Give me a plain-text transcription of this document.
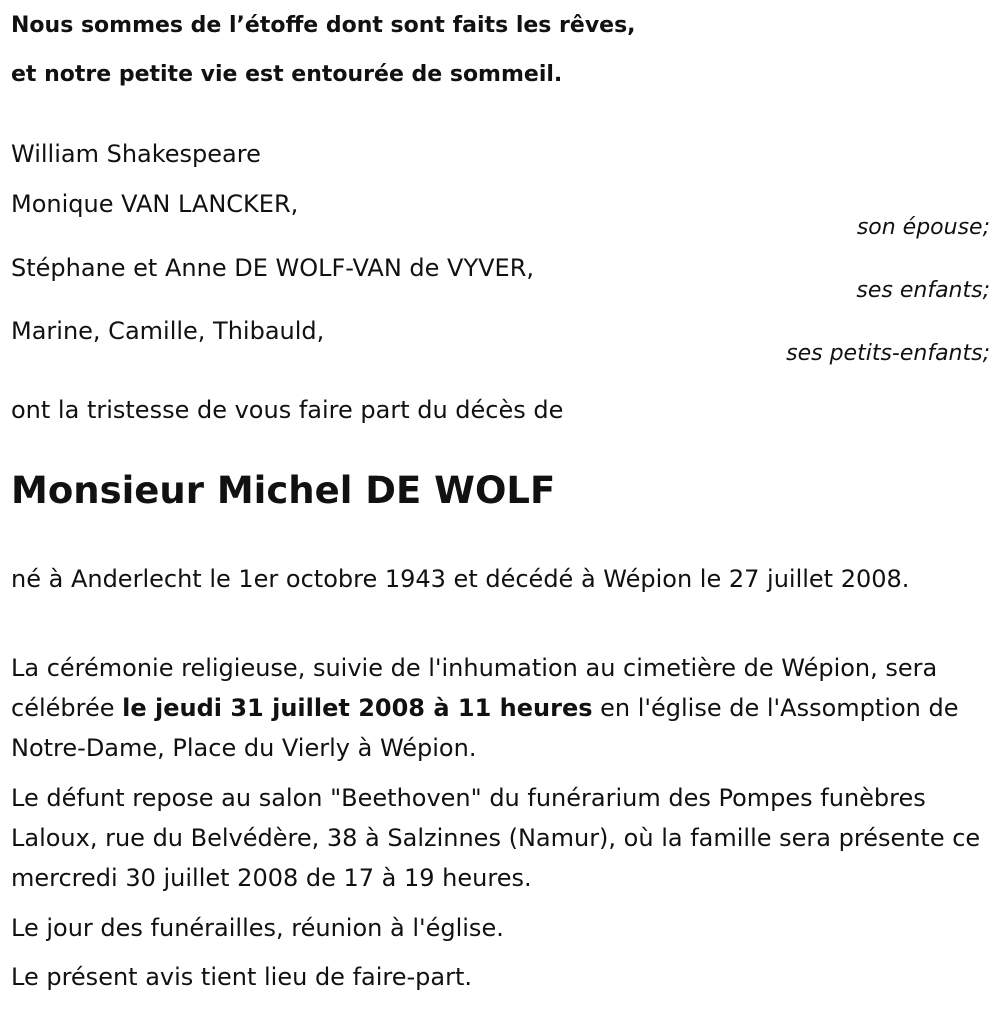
Nous sommes de l’étoffe dont sont faits les rêves,
et notre petite vie est entourée de sommeil.
William Shakespeare
Monique VAN LANCKER,
son épouse;
Stéphane et Anne DE WOLF-VAN de VYVER,
ses enfants;
Marine, Camille, Thibauld,
ses petits-enfants;
ont la tristesse de vous faire part du décès de
Monsieur Michel DE WOLF
né à Anderlecht le 1er octobre 1943 et décédé à Wépion le 27 juillet 2008.
La cérémonie religieuse, suivie de l'inhumation au cimetière de Wépion, sera célébrée le jeudi 31 juillet 2008 à 11 heures en l'église de l'Assomption de Notre-Dame, Place du Vierly à Wépion.
Le défunt repose au salon "Beethoven" du funérarium des Pompes funèbres Laloux, rue du Belvédère, 38 à Salzinnes (Namur), où la famille sera présente ce mercredi 30 juillet 2008 de 17 à 19 heures.
Le jour des funérailles, réunion à l'église.
Le présent avis tient lieu de faire-part.
